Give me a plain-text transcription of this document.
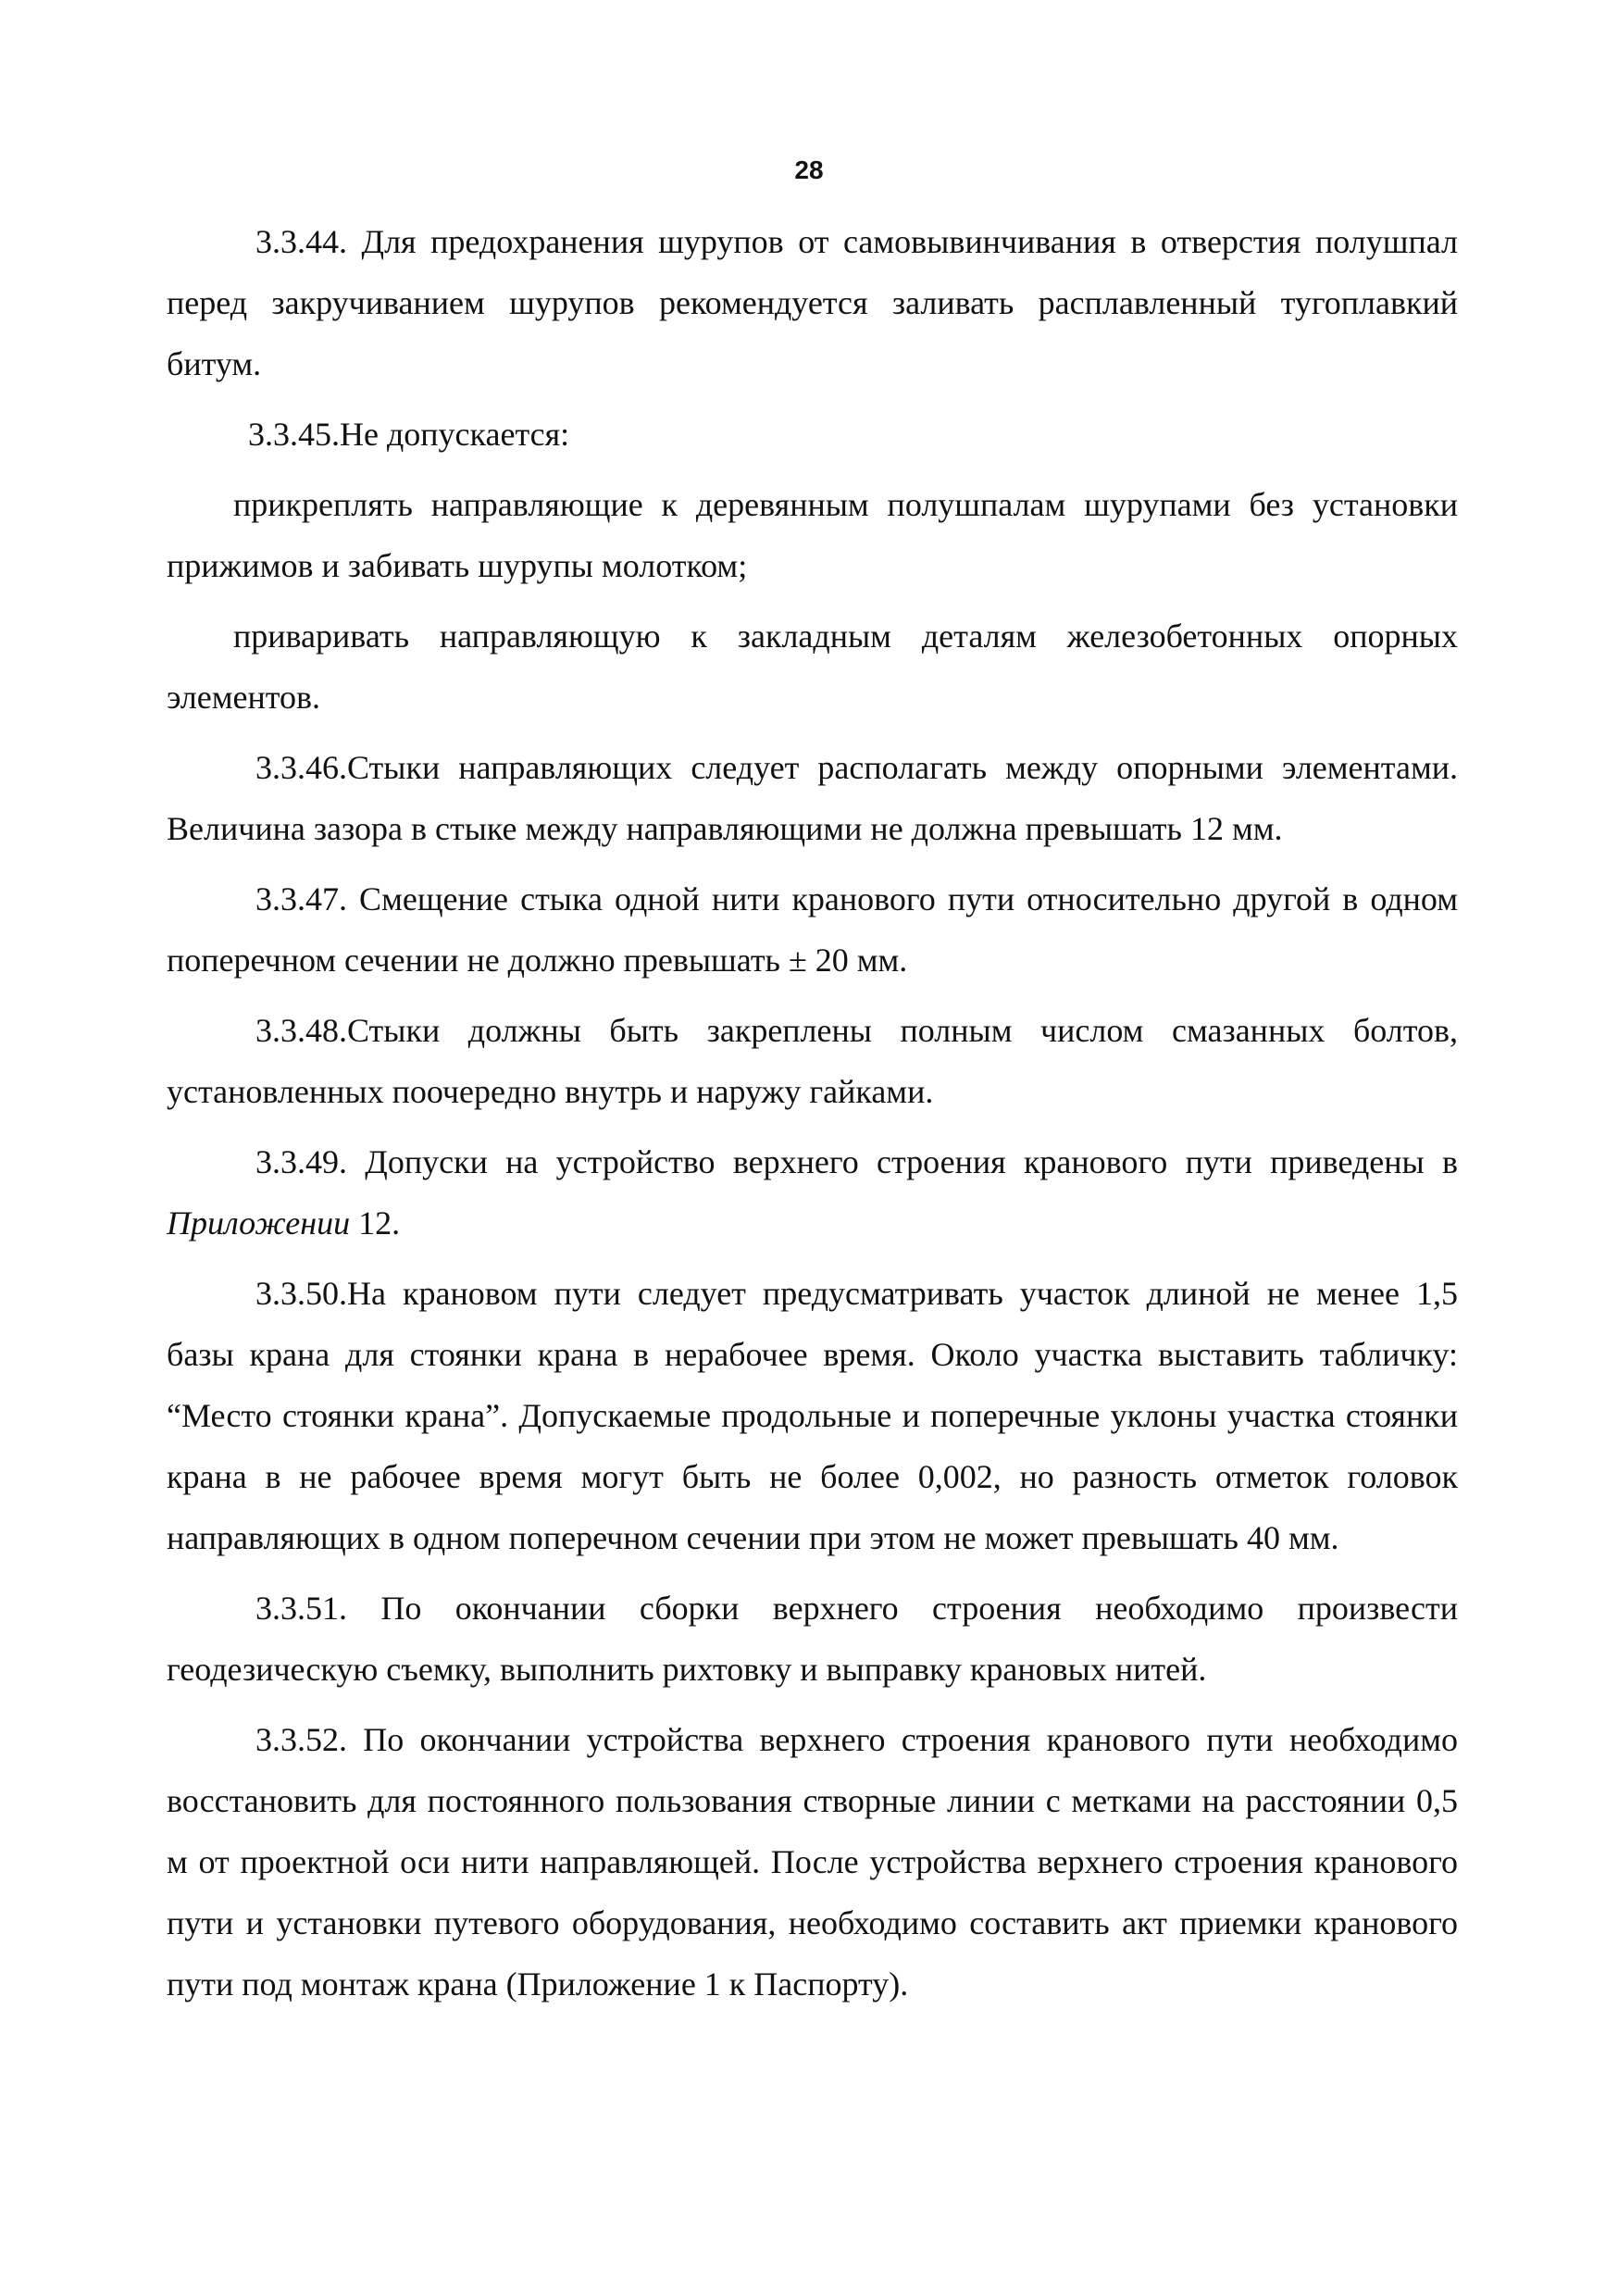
28

3.3.44. Для предохранения шурупов от самовывинчивания в отверстия полушпал перед закручиванием шурупов рекомендуется заливать расплавленный тугоплавкий битум.

3.3.45.Не допускается:

прикреплять направляющие к деревянным полушпалам шурупами без установки прижимов и забивать шурупы молотком;

приваривать направляющую к закладным деталям железобетонных опорных элементов.

3.3.46.Стыки направляющих следует располагать между опорными элементами. Величина зазора в стыке между направляющими не должна превышать 12 мм.

3.3.47. Смещение стыка одной нити кранового пути относительно другой в одном поперечном сечении не должно превышать ± 20 мм.

3.3.48.Стыки должны быть закреплены полным числом смазанных болтов, установленных поочередно внутрь и наружу гайками.

3.3.49. Допуски на устройство верхнего строения кранового пути приведены в Приложении 12.

3.3.50.На крановом пути следует предусматривать участок длиной не менее 1,5 базы крана для стоянки крана в нерабочее время. Около участка выставить табличку: “Место стоянки крана”. Допускаемые продольные и поперечные уклоны участка стоянки крана в не рабочее время могут быть не более 0,002, но разность отметок головок направляющих в одном поперечном сечении при этом не может превышать 40 мм.

3.3.51. По окончании сборки верхнего строения необходимо произвести геодезическую съемку, выполнить рихтовку и выправку крановых нитей.

3.3.52. По окончании устройства верхнего строения кранового пути необходимо восстановить для постоянного пользования створные линии с метками на расстоянии 0,5 м от проектной оси нити направляющей. После устройства верхнего строения кранового пути и установки путевого оборудования, необходимо составить акт приемки кранового пути под монтаж крана (Приложение 1 к Паспорту).
